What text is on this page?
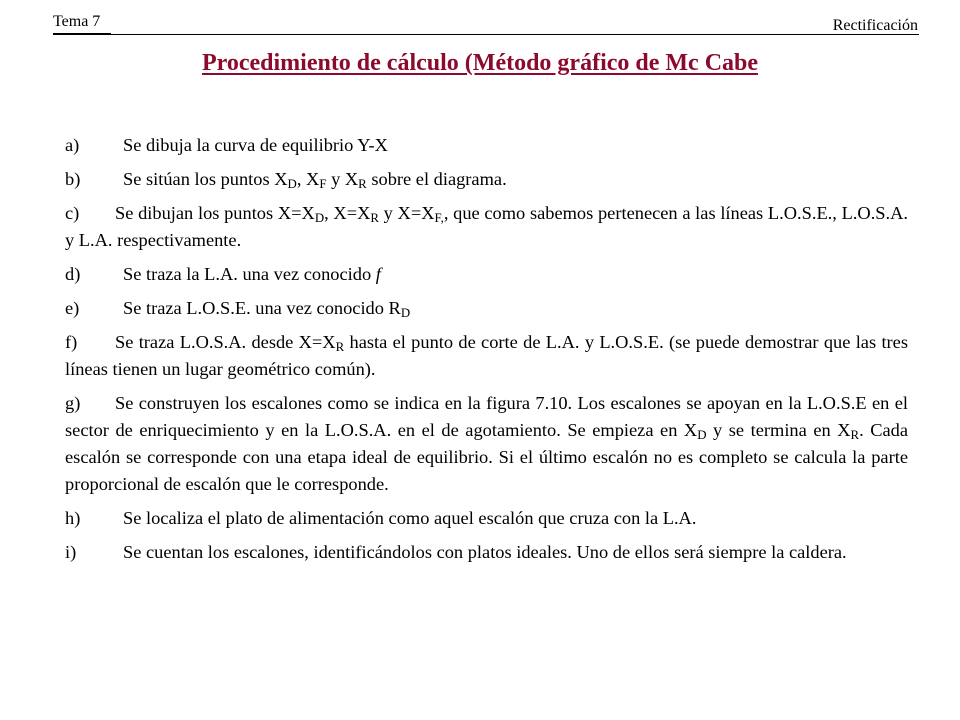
Tema 7	Rectificación
Procedimiento de cálculo (Método gráfico de Mc Cabe

a) Se dibuja la curva de equilibrio Y-X

b) Se sitúan los puntos $X_D$, $X_F$ y $X_R$ sobre el diagrama.

c) Se dibujan los puntos $X=X_D$, $X=X_R$ y $X=X_{F,}$, que como sabemos pertenecen a las líneas L.O.S.E., L.O.S.A. y L.A. respectivamente.

d) Se traza la L.A. una vez conocido f

e) Se traza L.O.S.E. una vez conocido $R_D$

f) Se traza L.O.S.A. desde $X=X_R$ hasta el punto de corte de L.A. y L.O.S.E. (se puede demostrar que las tres líneas tienen un lugar geométrico común).

g) Se construyen los escalones como se indica en la figura 7.10. Los escalones se apoyan en la L.O.S.E en el sector de enriquecimiento y en la L.O.S.A. en el de agotamiento. Se empieza en $X_D$ y se termina en $X_R$. Cada escalón se corresponde con una etapa ideal de equilibrio. Si el último escalón no es completo se calcula la parte proporcional de escalón que le corresponde.

h) Se localiza el plato de alimentación como aquel escalón que cruza con la L.A.

i)	Se cuentan los escalones, identificándolos con platos ideales. Uno de ellos será siempre la caldera.
